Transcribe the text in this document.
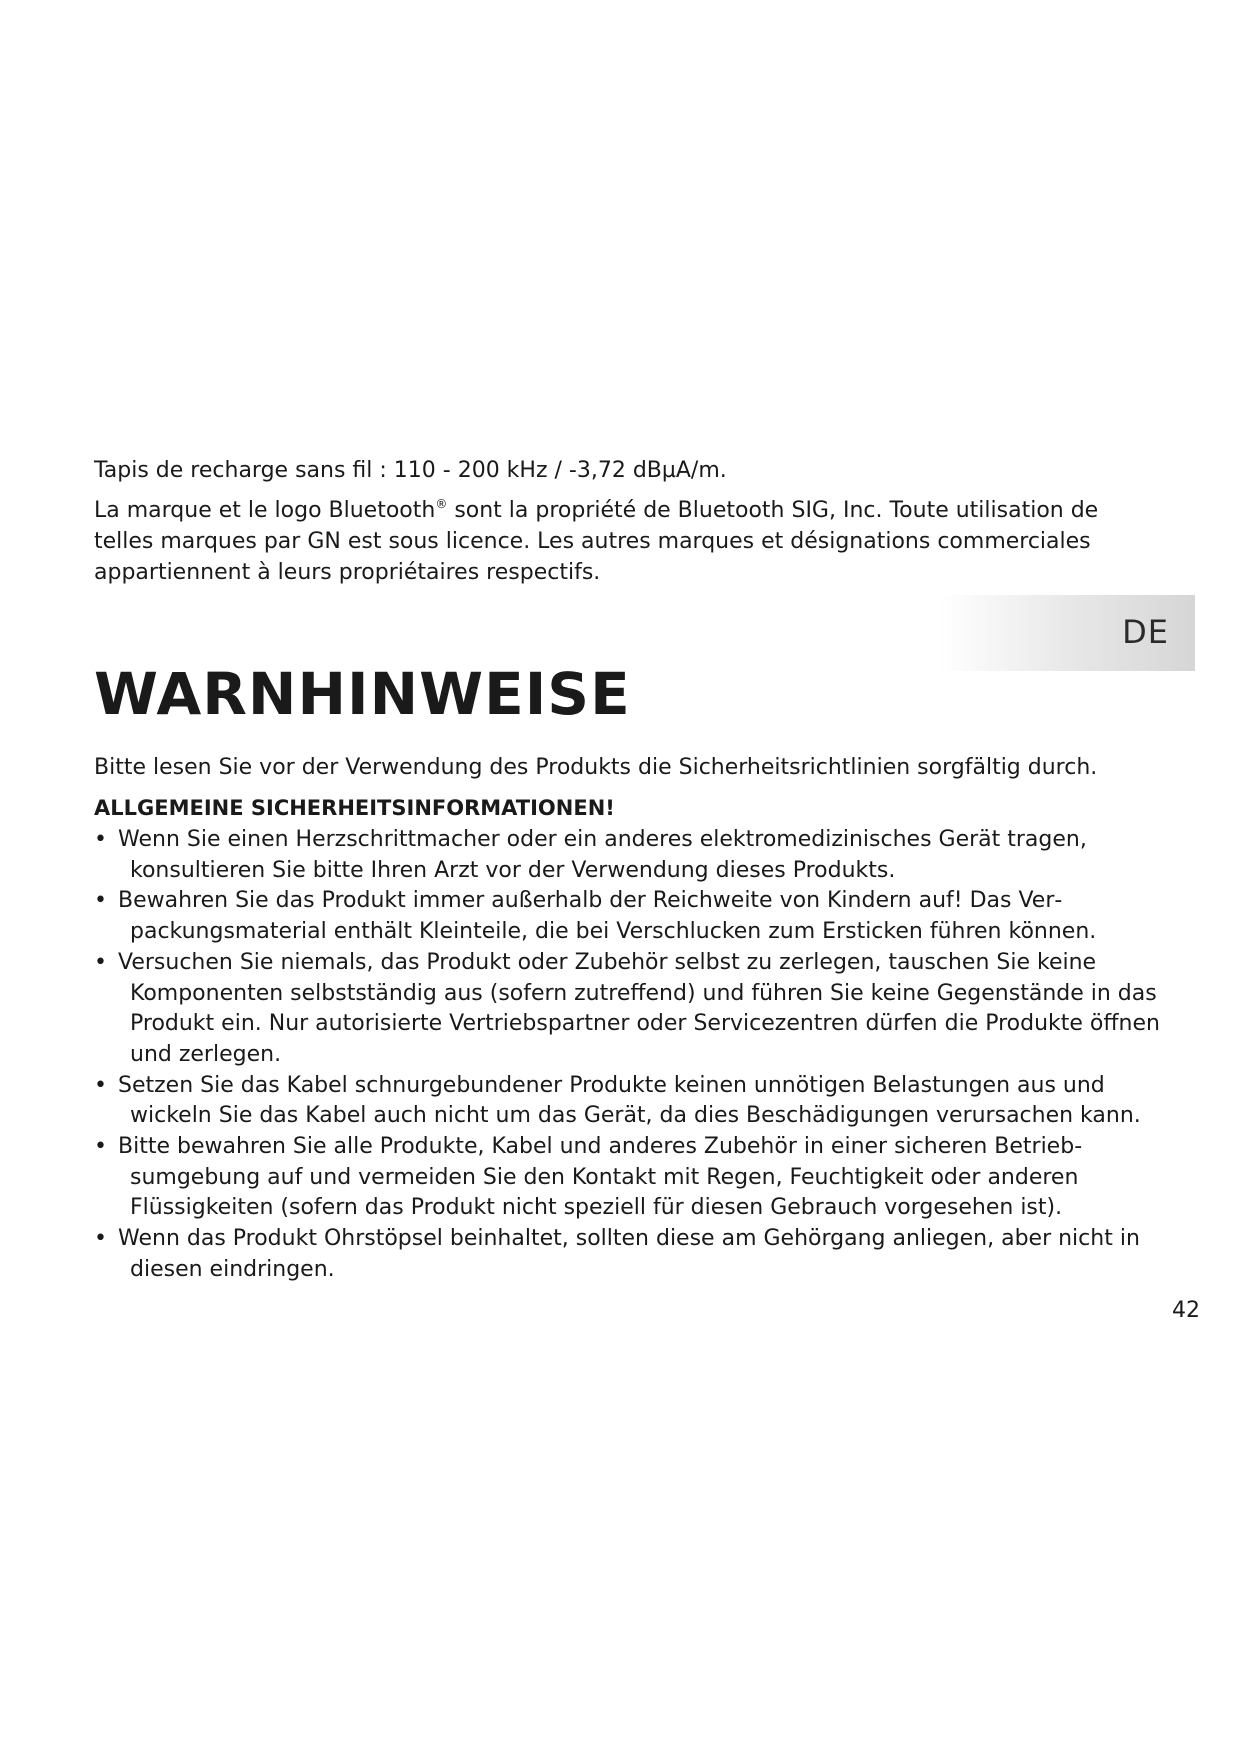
Tapis de recharge sans fil : 110 - 200 kHz / -3,72 dBµA/m.

La marque et le logo Bluetooth® sont la propriété de Bluetooth SIG, Inc. Toute utilisation de telles marques par GN est sous licence. Les autres marques et désignations commerciales appartiennent à leurs propriétaires respectifs.

DE
WARNHINWEISE

Bitte lesen Sie vor der Verwendung des Produkts die Sicherheitsrichtlinien sorgfältig durch.

ALLGEMEINE SICHERHEITSINFORMATIONEN!
• Wenn Sie einen Herzschrittmacher oder ein anderes elektromedizinisches Gerät tragen, konsultieren Sie bitte Ihren Arzt vor der Verwendung dieses Produkts.
• Bewahren Sie das Produkt immer außerhalb der Reichweite von Kindern auf! Das Verpackungsmaterial enthält Kleinteile, die bei Verschlucken zum Ersticken führen können.
• Versuchen Sie niemals, das Produkt oder Zubehör selbst zu zerlegen, tauschen Sie keine Komponenten selbstständig aus (sofern zutreffend) und führen Sie keine Gegenstände in das Produkt ein. Nur autorisierte Vertriebspartner oder Servicezentren dürfen die Produkte öffnen und zerlegen.
• Setzen Sie das Kabel schnurgebundener Produkte keinen unnötigen Belastungen aus und wickeln Sie das Kabel auch nicht um das Gerät, da dies Beschädigungen verursachen kann.
• Bitte bewahren Sie alle Produkte, Kabel und anderes Zubehör in einer sicheren Betriebsumgebung auf und vermeiden Sie den Kontakt mit Regen, Feuchtigkeit oder anderen Flüssigkeiten (sofern das Produkt nicht speziell für diesen Gebrauch vorgesehen ist).
• Wenn das Produkt Ohrstöpsel beinhaltet, sollten diese am Gehörgang anliegen, aber nicht in diesen eindringen.
42
